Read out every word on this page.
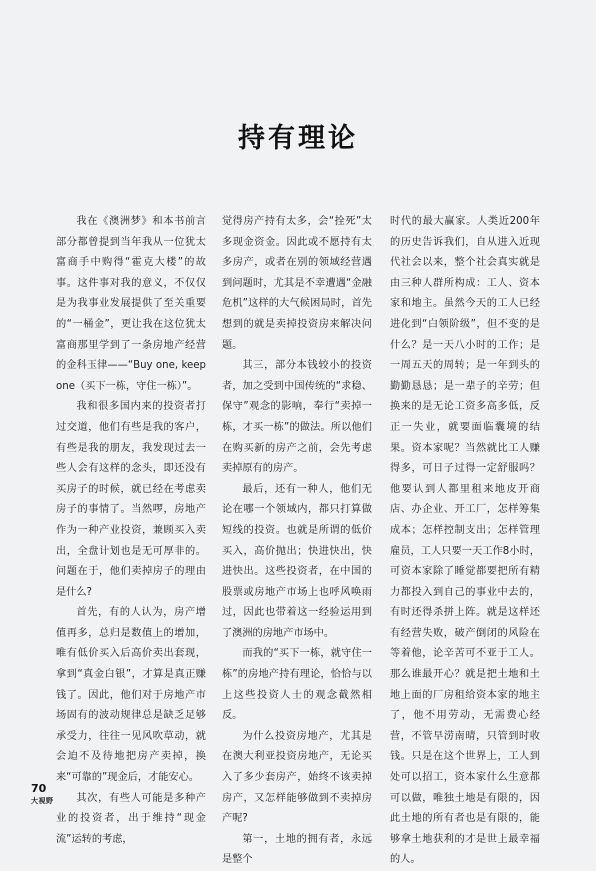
持有理论

我在《澳洲梦》和本书前言部分都曾提到当年我从一位犹太富商手中购得“霍克大楼”的故事。这件事对我的意义，不仅仅是为我事业发展提供了至关重要的“一桶金”，更让我在这位犹太富商那里学到了一条房地产经营的金科玉律——“Buy one, keep one（买下一栋，守住一栋）”。

我和很多国内来的投资者打过交道，他们有些是我的客户，有些是我的朋友，我发现过去一些人会有这样的念头，即还没有买房子的时候，就已经在考虑卖房子的事情了。当然啰，房地产作为一种产业投资，兼顾买入卖出，全盘计划也是无可厚非的。问题在于，他们卖掉房子的理由是什么?

首先，有的人认为，房产增值再多，总归是数值上的增加，唯有低价买入后高价卖出套现，拿到“真金白银”，才算是真正赚钱了。因此，他们对于房地产市场固有的波动规律总是缺乏足够承受力，往往一见风吹草动，就会迫不及待地把房产卖掉，换来“可靠的”现金后，才能安心。

其次，有些人可能是多种产业的投资者，出于维持“现金流”运转的考虑，

觉得房产持有太多，会“拴死”太多现金资金。因此或不愿持有太多房产，或者在别的领域经营遇到问题时，尤其是不幸遭遇“金融危机”这样的大气候困局时，首先想到的就是卖掉投资房来解决问题。

其三，部分本钱较小的投资者，加之受到中国传统的“求稳、保守”观念的影响，奉行“卖掉一栋，才买一栋”的做法。所以他们在购买新的房产之前，会先考虑卖掉原有的房产。

最后，还有一种人，他们无论在哪一个领域内，都只打算做短线的投资。也就是所谓的低价买入，高价抛出；快进快出，快进快出。这些投资者，在中国的股票或房地产市场上也呼风唤雨过，因此也带着这一经验运用到了澳洲的房地产市场中。

而我的“买下一栋，就守住一栋”的房地产持有理论，恰恰与以上这些投资人士的观念截然相反。

为什么投资房地产，尤其是在澳大利亚投资房地产，无论买入了多少套房产，始终不该卖掉房产，又怎样能够做到不卖掉房产呢?

第一，土地的拥有者，永远是整个

时代的最大赢家。人类近200年的历史告诉我们，自从进入近现代社会以来，整个社会真实就是由三种人群所构成：工人、资本家和地主。虽然今天的工人已经进化到“白领阶级”，但不变的是什么？是一天八小时的工作；是一周五天的周转；是一年到头的勤勤恳恳；是一辈子的辛劳；但换来的是无论工资多高多低，反正一失业，就要面临囊境的结果。资本家呢？当然就比工人赚得多，可日子过得一定舒服吗？他要认到人都里租来地皮开商店、办企业、开工厂，怎样筹集成本；怎样控制支出；怎样管理雇员，工人只要一天工作8小时，可资本家除了睡觉都要把所有精力都投入到自己的事业中去的，有时还得杀拼上阵。就是这样还有经营失败，破产倒闭的风险在等着他，论辛苦可不亚于工人。那么谁最开心？就是把土地和土地上面的厂房租给资本家的地主了，他不用劳动，无需费心经营，不管早涝南晴，只管到时收钱。只是在这个世界上，工人到处可以招工，资本家什么生意都可以做，唯独土地是有限的，因此土地的所有者也是有限的，能够拿土地获利的才是世上最幸福的人。

70
大视野
